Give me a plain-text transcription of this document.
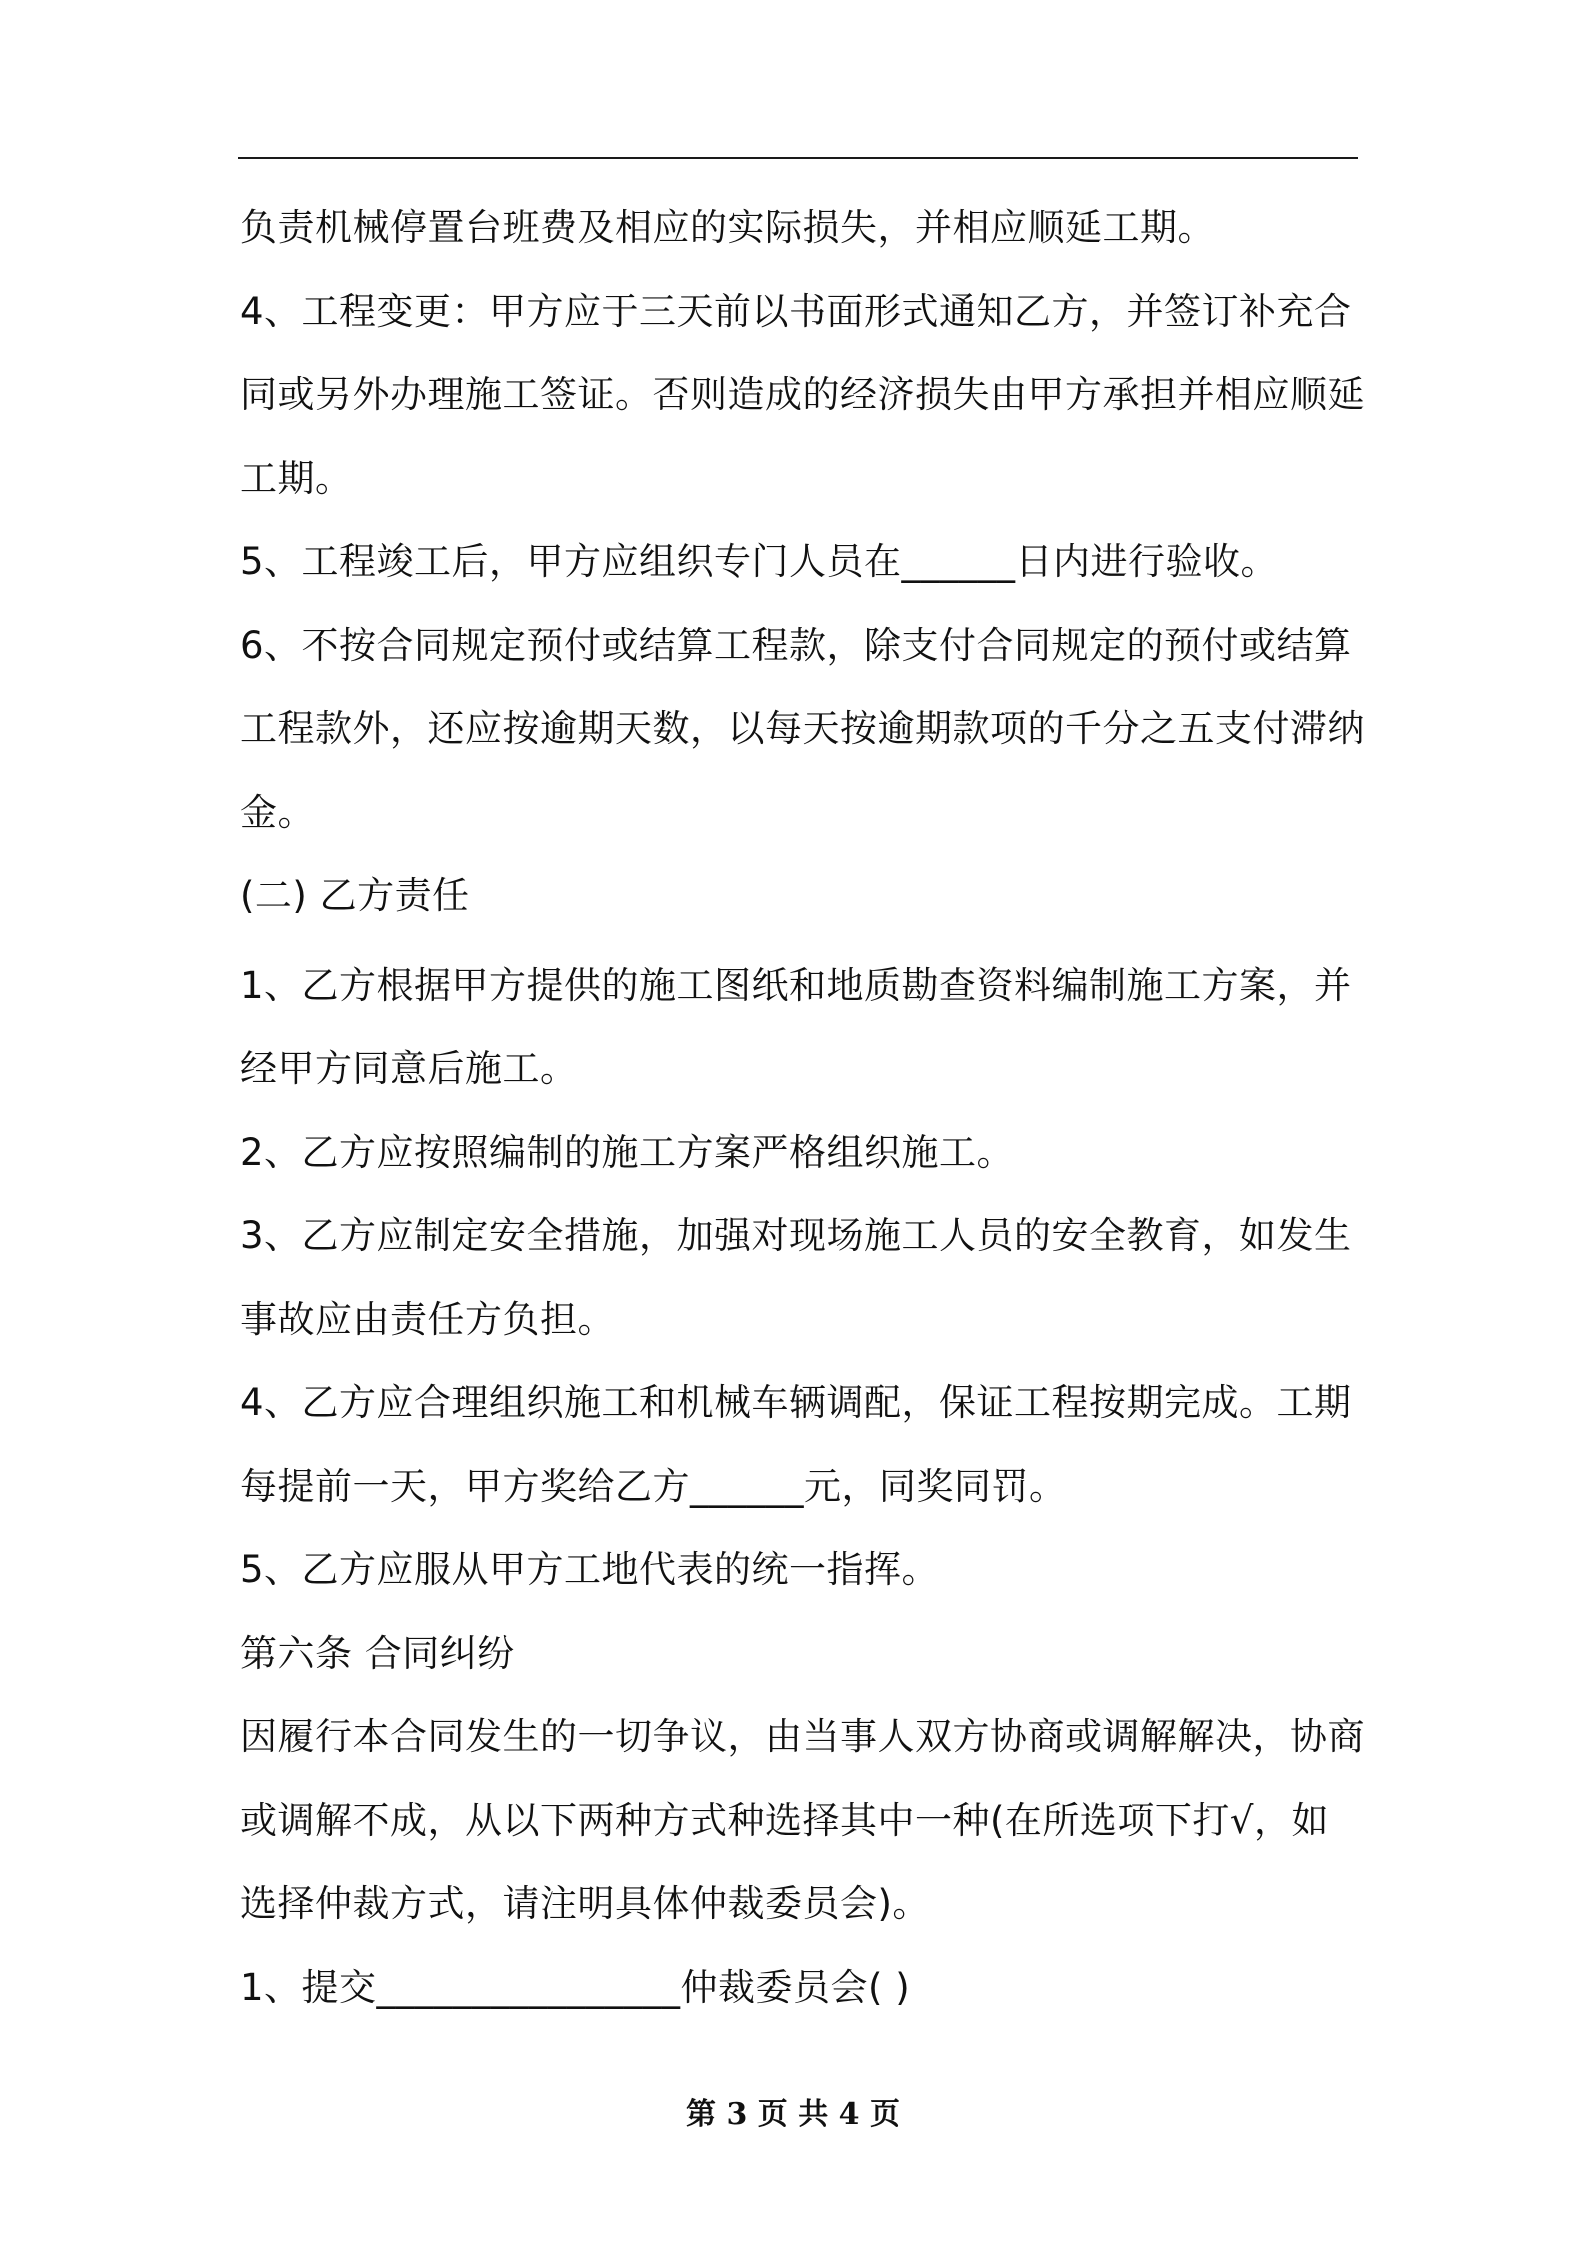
负责机械停置台班费及相应的实际损失，并相应顺延工期。
4、工程变更：甲方应于三天前以书面形式通知乙方，并签订补充合
同或另外办理施工签证。否则造成的经济损失由甲方承担并相应顺延
工期。
5、工程竣工后，甲方应组织专门人员在______日内进行验收。
6、不按合同规定预付或结算工程款，除支付合同规定的预付或结算
工程款外，还应按逾期天数，以每天按逾期款项的千分之五支付滞纳
金。
(二) 乙方责任
1、乙方根据甲方提供的施工图纸和地质勘查资料编制施工方案，并
经甲方同意后施工。
2、乙方应按照编制的施工方案严格组织施工。
3、乙方应制定安全措施，加强对现场施工人员的安全教育，如发生
事故应由责任方负担。
4、乙方应合理组织施工和机械车辆调配，保证工程按期完成。工期
每提前一天，甲方奖给乙方______元，同奖同罚。
5、乙方应服从甲方工地代表的统一指挥。
第六条 合同纠纷
因履行本合同发生的一切争议，由当事人双方协商或调解解决，协商
或调解不成，从以下两种方式种选择其中一种(在所选项下打√，如
选择仲裁方式，请注明具体仲裁委员会)。
1、提交________________仲裁委员会( )
第 3 页 共 4 页
